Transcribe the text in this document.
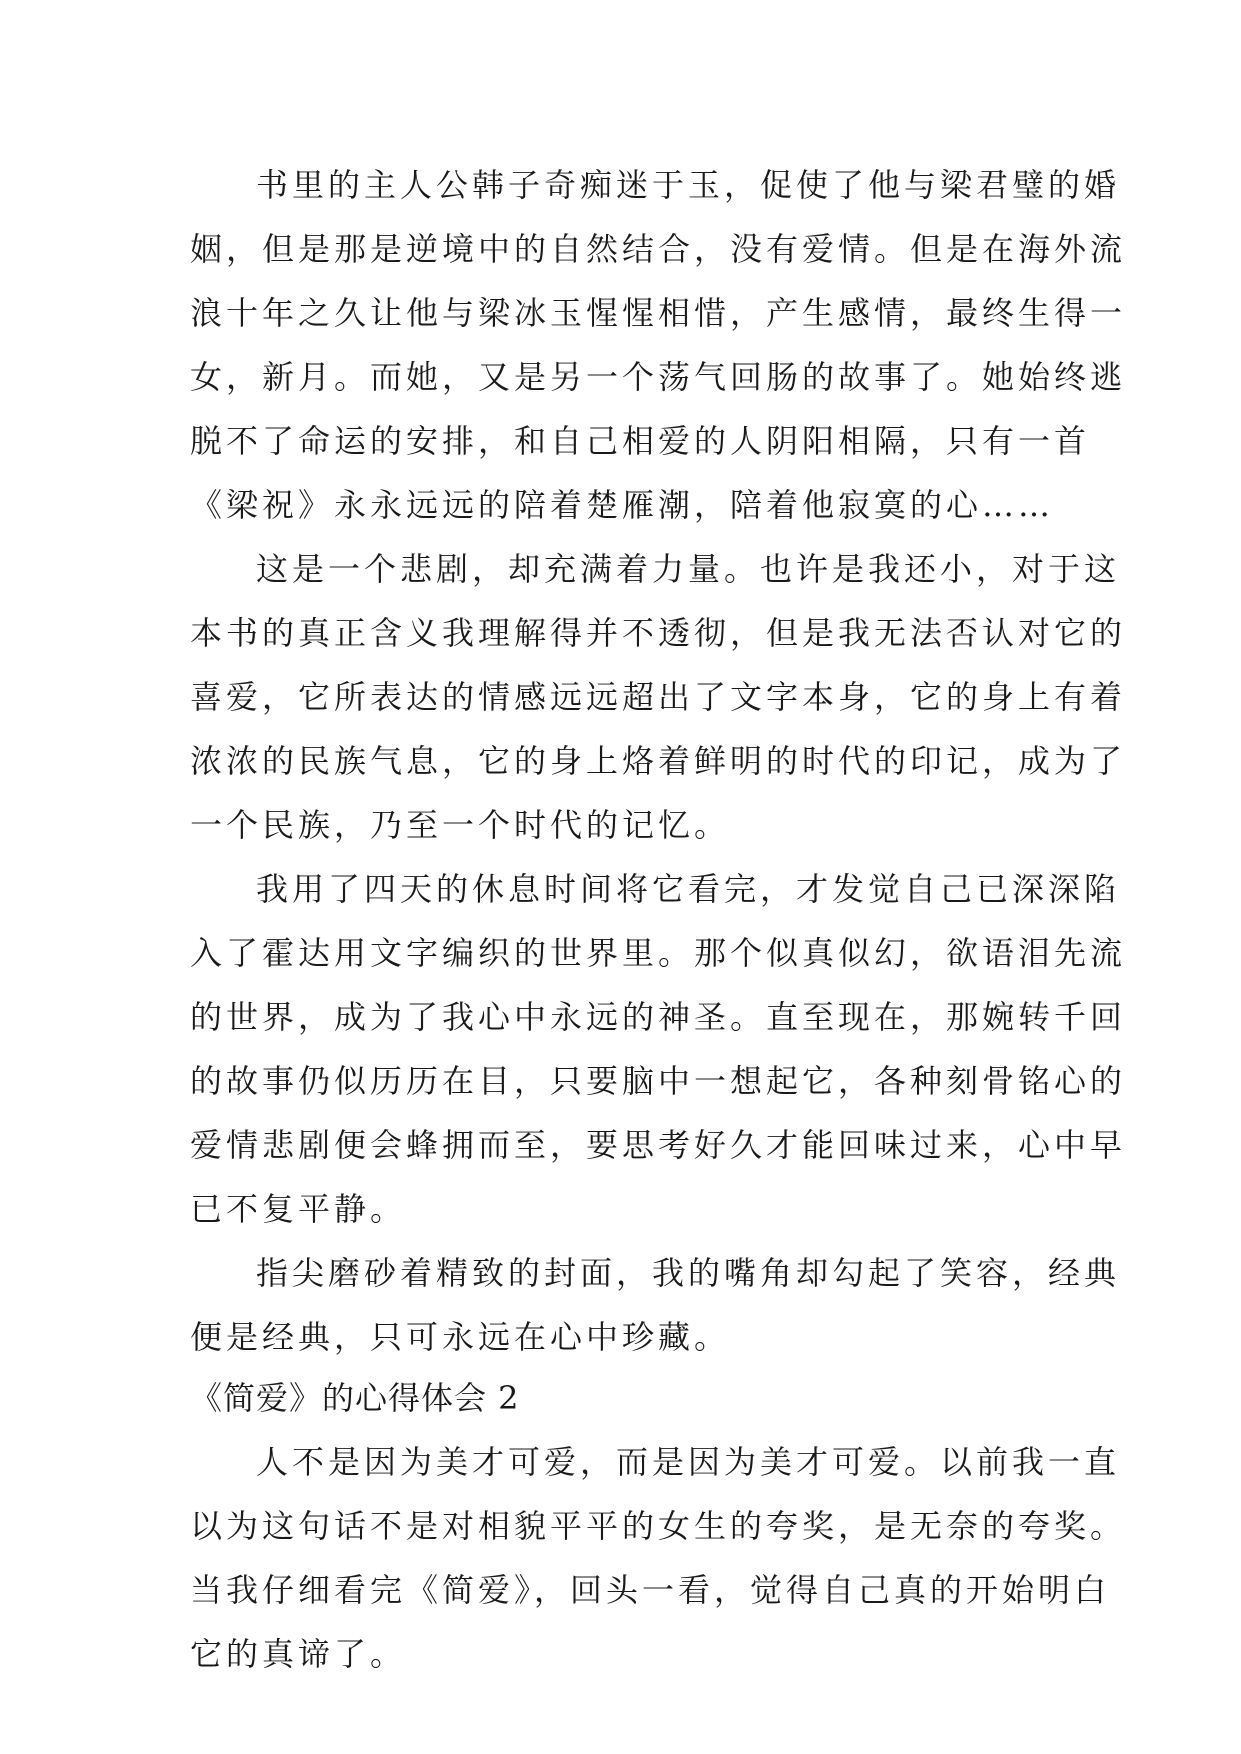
书里的主人公韩子奇痴迷于玉，促使了他与梁君璧的婚
姻，但是那是逆境中的自然结合，没有爱情。但是在海外流
浪十年之久让他与梁冰玉惺惺相惜，产生感情，最终生得一
女，新月。而她，又是另一个荡气回肠的故事了。她始终逃
脱不了命运的安排，和自己相爱的人阴阳相隔，只有一首
《梁祝》永永远远的陪着楚雁潮，陪着他寂寞的心……
这是一个悲剧，却充满着力量。也许是我还小，对于这
本书的真正含义我理解得并不透彻，但是我无法否认对它的
喜爱，它所表达的情感远远超出了文字本身，它的身上有着
浓浓的民族气息，它的身上烙着鲜明的时代的印记，成为了
一个民族，乃至一个时代的记忆。
我用了四天的休息时间将它看完，才发觉自己已深深陷
入了霍达用文字编织的世界里。那个似真似幻，欲语泪先流
的世界，成为了我心中永远的神圣。直至现在，那婉转千回
的故事仍似历历在目，只要脑中一想起它，各种刻骨铭心的
爱情悲剧便会蜂拥而至，要思考好久才能回味过来，心中早
已不复平静。
指尖磨砂着精致的封面，我的嘴角却勾起了笑容，经典
便是经典，只可永远在心中珍藏。
《简爱》的心得体会 2
人不是因为美才可爱，而是因为美才可爱。以前我一直
以为这句话不是对相貌平平的女生的夸奖，是无奈的夸奖。
当我仔细看完《简爱》，回头一看，觉得自己真的开始明白
它的真谛了。
